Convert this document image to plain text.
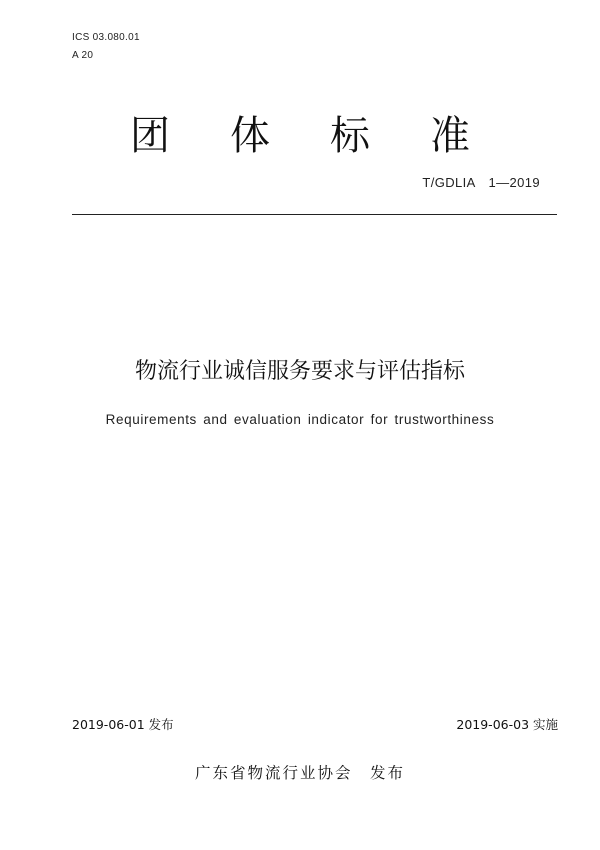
ICS 03.080.01
A 20
团 体 标 准
T/GDLIA　1—2019
物流行业诚信服务要求与评估指标
Requirements and evaluation indicator for trustworthiness
2019-06-01 发布	2019-06-03 实施
广东省物流行业协会　发布
